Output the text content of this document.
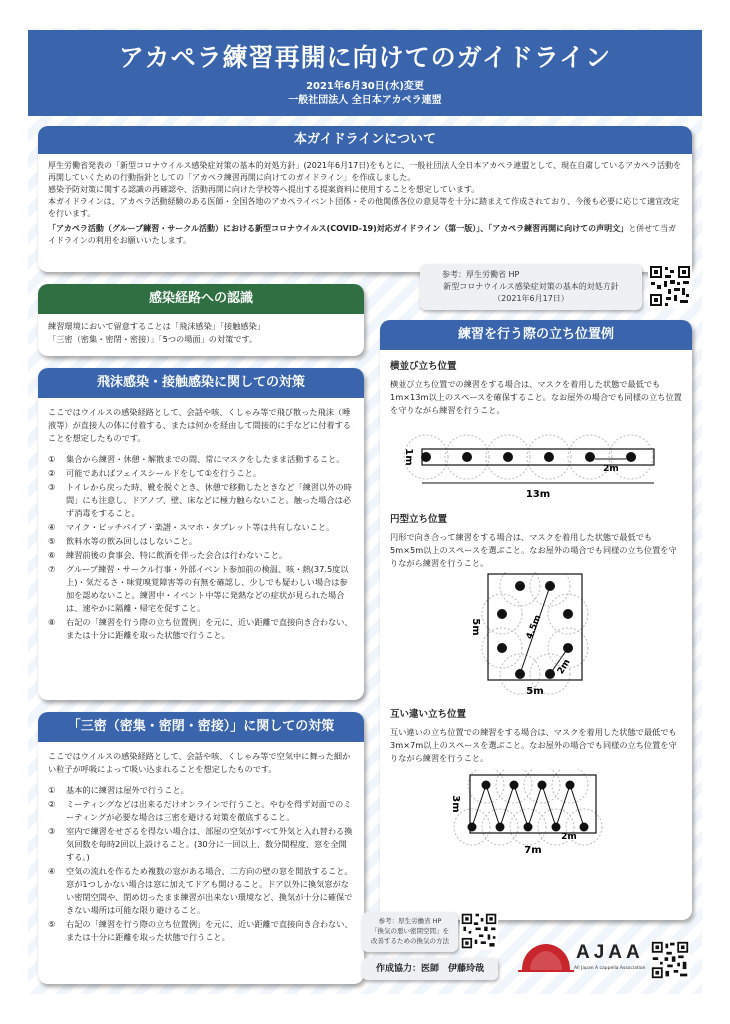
アカペラ練習再開に向けてのガイドライン
2021年6月30日(水)変更
一般社団法人 全日本アカペラ連盟
本ガイドラインについて
厚生労働省発表の「新型コロナウイルス感染症対策の基本的対処方針」(2021年6月17日)をもとに、一般社団法人全日本アカペラ連盟として、現在自粛しているアカペラ活動を再開していくための行動指針としての「アカペラ練習再開に向けてのガイドライン」を作成しました。
感染予防対策に関する認識の再確認や、活動再開に向けた学校等へ提出する提案資料に使用することを想定しています。
本ガイドラインは、アカペラ活動経験のある医師・全国各地のアカペライベント団体・その他関係各位の意見等を十分に踏まえて作成されており、今後も必要に応じて適宜改定を行います。
「アカペラ活動（グループ練習・サークル活動）における新型コロナウイルス(COVID-19)対応ガイドライン（第一版）」、「アカペラ練習再開に向けての声明文」と併せて当ガイドラインの利用をお願いいたします。
参考：厚生労働省 HP
新型コロナウイルス感染症対策の基本的対処方針
（2021年6月17日）
感染経路への認識
練習環境において留意することは「飛沫感染」「接触感染」
「三密（密集・密閉・密接）」「5つの場面」の対策です。
飛沫感染・接触感染に関しての対策
ここではウイルスの感染経路として、会話や咳、くしゃみ等で飛び散った飛沫（唾液等）が直接人の体に付着する、または何かを経由して間接的に手などに付着することを想定したものです。
①	集合から練習・休憩・解散までの間、常にマスクをしたまま活動すること。
②	可能であればフェイスシールドをして①を行うこと。
③	トイレから戻った時、靴を脱ぐとき、休憩で移動したときなど「練習以外の時間」にも注意し、ドアノブ、壁、床などに極力触らないこと。触った場合は必ず消毒をすること。
④	マイク・ピッチパイプ・楽譜・スマホ・タブレット等は共有しないこと。
⑤	飲料水等の飲み回しはしないこと。
⑥	練習前後の食事会、特に飲酒を伴った会合は行わないこと。
⑦	グループ練習・サークル行事・外部イベント参加前の検温、咳・熱(37.5度以上)・気だるさ・味覚嗅覚障害等の有無を確認し、少しでも疑わしい場合は参加を認めないこと。練習中・イベント中等に発熱などの症状が見られた場合は、速やかに隔離・帰宅を促すこと。
⑧	右記の「練習を行う際の立ち位置例」を元に、近い距離で直接向き合わない、または十分に距離を取った状態で行うこと。
「三密（密集・密閉・密接）」に関しての対策
ここではウイルスの感染経路として、会話や咳、くしゃみ等で空気中に舞った細かい粒子が呼吸によって吸い込まれることを想定したものです。
①	基本的に練習は屋外で行うこと。
②	ミーティングなどは出来るだけオンラインで行うこと。やむを得ず対面でのミーティングが必要な場合は三密を避ける対策を徹底すること。
③	室内で練習をせざるを得ない場合は、部屋の空気がすべて外気と入れ替わる換気回数を毎時2回以上設けること。(30分に一回以上、数分間程度、窓を全開する。)
④	空気の流れを作るため複数の窓がある場合、二方向の壁の窓を開放すること。窓が1つしかない場合は窓に加えてドアも開けること。ドア以外に換気窓がない密閉空間や、閉め切ったまま練習が出来ない環境など、換気が十分に確保できない場所は可能な限り避けること。
⑤	右記の「練習を行う際の立ち位置例」を元に、近い距離で直接向き合わない、または十分に距離を取った状態で行うこと。
練習を行う際の立ち位置例
横並び立ち位置
横並び立ち位置での練習をする場合は、マスクを着用した状態で最低でも1m×13m以上のスペースを確保すること。なお屋外の場合でも同様の立ち位置を守りながら練習を行うこと。
13m
1m
2m
円型立ち位置
円形で向き合って練習をする場合は、マスクを着用した状態で最低でも5m×5m以上のスペースを選ぶこと。なお屋外の場合でも同様の立ち位置を守りながら練習を行うこと。
4.5m
2m
5m
5m
互い違い立ち位置
互い違いの立ち位置での練習をする場合は、マスクを着用した状態で最低でも3m×7m以上のスペースを選ぶこと。なお屋外の場合でも同様の立ち位置を守りながら練習を行うこと。
7m
3m
2m
参考：厚生労働省 HP
「換気の悪い密閉空間」を
改善するための換気の方法
作成協力：医師　伊藤玲哉
AJAA
All Japan A cappella Association
